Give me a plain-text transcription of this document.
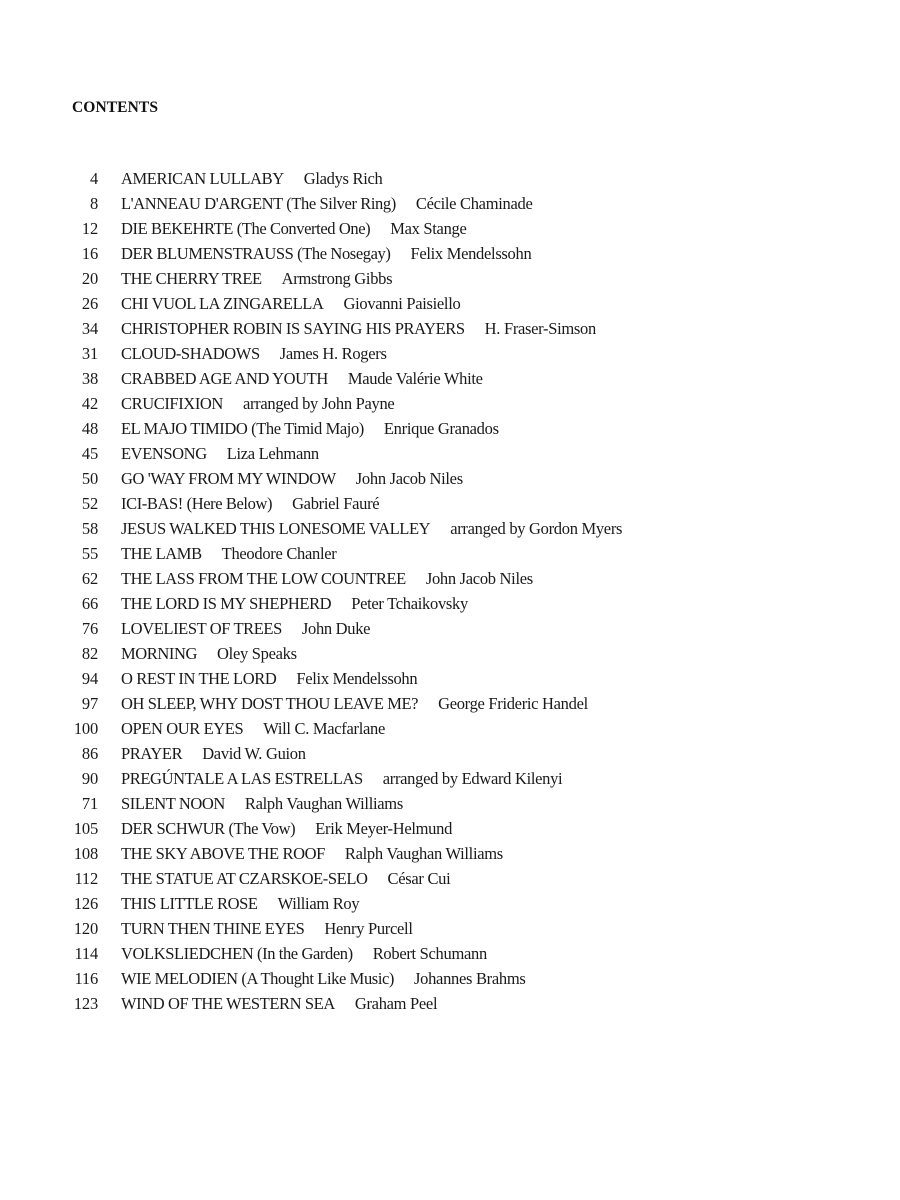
CONTENTS
4 AMERICAN LULLABY Gladys Rich
8 L'ANNEAU D'ARGENT (The Silver Ring) Cécile Chaminade
12 DIE BEKEHRTE (The Converted One) Max Stange
16 DER BLUMENSTRAUSS (The Nosegay) Felix Mendelssohn
20 THE CHERRY TREE Armstrong Gibbs
26 CHI VUOL LA ZINGARELLA Giovanni Paisiello
34 CHRISTOPHER ROBIN IS SAYING HIS PRAYERS H. Fraser-Simson
31 CLOUD-SHADOWS James H. Rogers
38 CRABBED AGE AND YOUTH Maude Valérie White
42 CRUCIFIXION arranged by John Payne
48 EL MAJO TIMIDO (The Timid Majo) Enrique Granados
45 EVENSONG Liza Lehmann
50 GO 'WAY FROM MY WINDOW John Jacob Niles
52 ICI-BAS! (Here Below) Gabriel Fauré
58 JESUS WALKED THIS LONESOME VALLEY arranged by Gordon Myers
55 THE LAMB Theodore Chanler
62 THE LASS FROM THE LOW COUNTREE John Jacob Niles
66 THE LORD IS MY SHEPHERD Peter Tchaikovsky
76 LOVELIEST OF TREES John Duke
82 MORNING Oley Speaks
94 O REST IN THE LORD Felix Mendelssohn
97 OH SLEEP, WHY DOST THOU LEAVE ME? George Frideric Handel
100 OPEN OUR EYES Will C. Macfarlane
86 PRAYER David W. Guion
90 PREGÚNTALE A LAS ESTRELLAS arranged by Edward Kilenyi
71 SILENT NOON Ralph Vaughan Williams
105 DER SCHWUR (The Vow) Erik Meyer-Helmund
108 THE SKY ABOVE THE ROOF Ralph Vaughan Williams
112 THE STATUE AT CZARSKOE-SELO César Cui
126 THIS LITTLE ROSE William Roy
120 TURN THEN THINE EYES Henry Purcell
114 VOLKSLIEDCHEN (In the Garden) Robert Schumann
116 WIE MELODIEN (A Thought Like Music) Johannes Brahms
123 WIND OF THE WESTERN SEA Graham Peel
